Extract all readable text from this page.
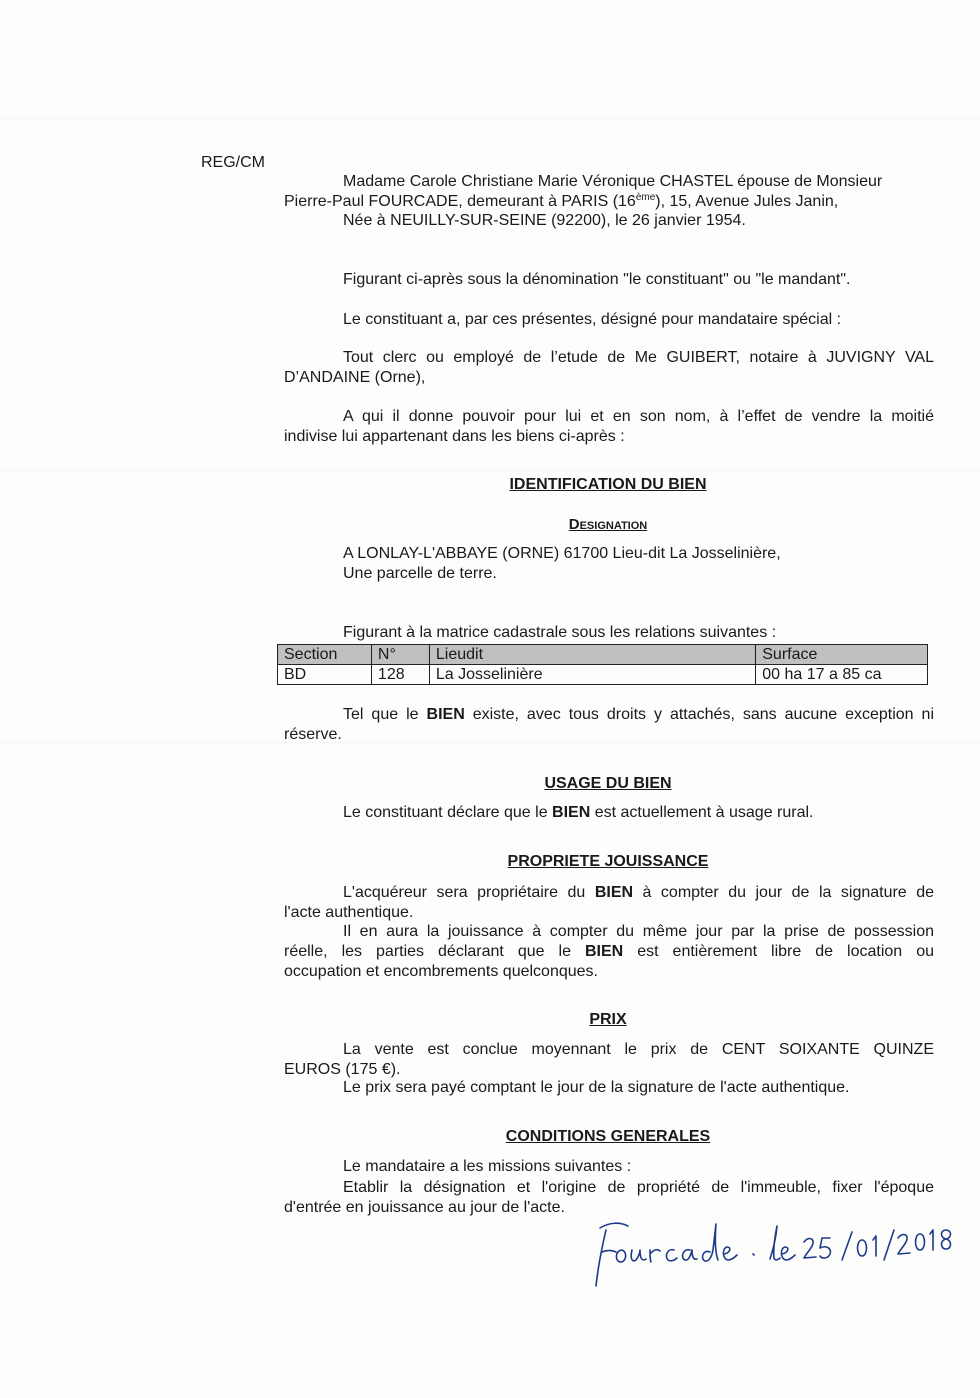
REG/CM
Madame Carole Christiane Marie Véronique CHASTEL épouse de Monsieur
Pierre-Paul FOURCADE, demeurant à PARIS (16ème), 15, Avenue Jules Janin,
Née à NEUILLY-SUR-SEINE (92200), le 26 janvier 1954.
Figurant ci-après sous la dénomination "le constituant" ou "le mandant".
Le constituant a, par ces présentes, désigné pour mandataire spécial :
Tout clerc ou employé de l’etude de Me GUIBERT, notaire à JUVIGNY VAL
D’ANDAINE (Orne),
A qui il donne pouvoir pour lui et en son nom, à l’effet de vendre la moitié
indivise lui appartenant dans les biens ci-après :
IDENTIFICATION DU BIEN
Designation
A LONLAY-L'ABBAYE (ORNE) 61700 Lieu-dit La Josselinière,
Une parcelle de terre.
Figurant à la matrice cadastrale sous les relations suivantes :
Section	N°	Lieudit	Surface
BD	128	La Josselinière	00 ha 17 a 85 ca
Tel que le BIEN existe, avec tous droits y attachés, sans aucune exception ni
réserve.
USAGE DU BIEN
Le constituant déclare que le BIEN est actuellement à usage rural.
PROPRIETE JOUISSANCE
L'acquéreur sera propriétaire du BIEN à compter du jour de la signature de
l'acte authentique.
Il en aura la jouissance à compter du même jour par la prise de possession
réelle, les parties déclarant que le BIEN est entièrement libre de location ou
occupation et encombrements quelconques.
PRIX
La vente est conclue moyennant le prix de CENT SOIXANTE QUINZE
EUROS (175 €).
Le prix sera payé comptant le jour de la signature de l'acte authentique.
CONDITIONS GENERALES
Le mandataire a les missions suivantes :
Etablir la désignation et l'origine de propriété de l'immeuble, fixer l'époque
d'entrée en jouissance au jour de l'acte.
